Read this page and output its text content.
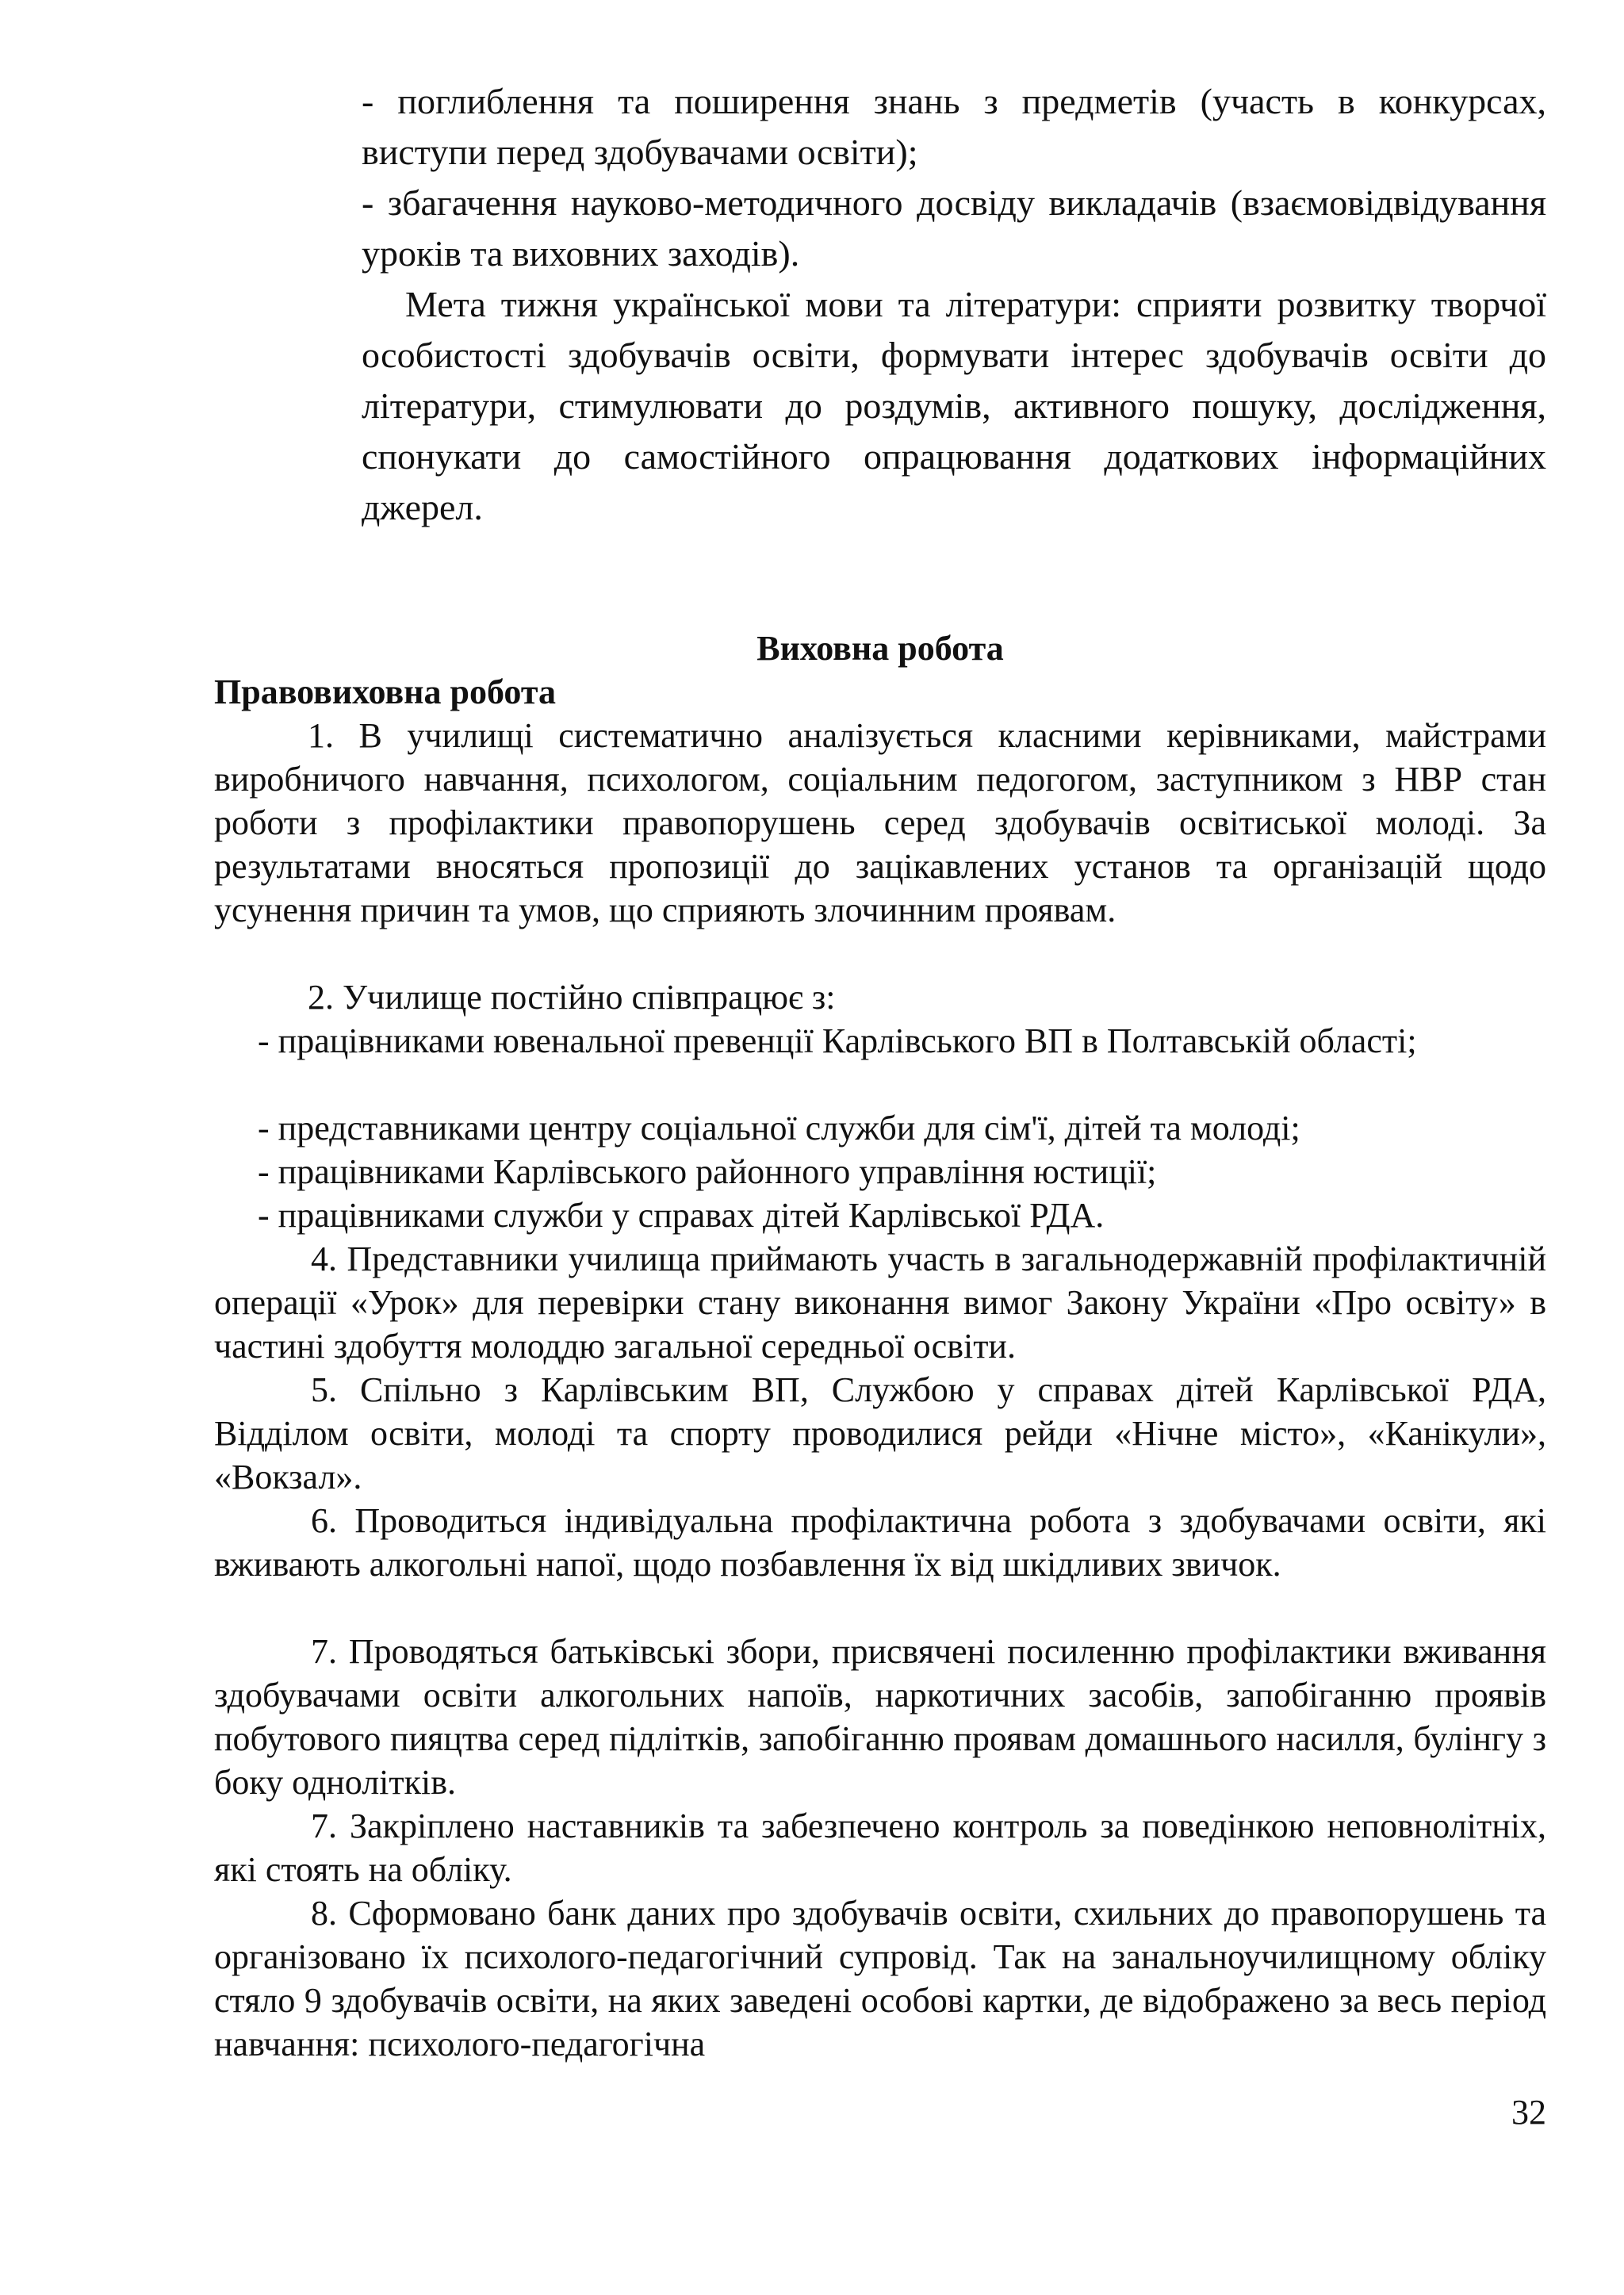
- поглиблення та поширення знань з предметів (участь в конкурсах, виступи перед здобувачами освіти);

- збагачення науково-методичного досвіду викладачів (взаємовідвідування уроків та виховних заходів).

Мета тижня української мови та літератури: сприяти розвитку творчої особистості здобувачів освіти, формувати інтерес здобувачів освіти до літератури, стимулювати до роздумів, активного пошуку, дослідження, спонукати до самостійного опрацювання додаткових інформаційних джерел.

Виховна робота

Правовиховна робота

1. В училищі систематично аналізується класними керівниками, майстрами виробничого навчання, психологом, соціальним педогогом, заступником з НВР стан роботи з профілактики правопорушень серед здобувачів освітиської молоді. За результатами вносяться пропозиції до зацікавлених установ та організацій щодо усунення причин та умов, що сприяють злочинним проявам.

2. Училище постійно співпрацює з:

- працівниками ювенальної превенції Карлівського ВП в Полтавській області;

- представниками центру соціальної служби для сім'ї, дітей та молоді;

- працівниками Карлівського районного управління юстиції;

- працівниками служби у справах дітей Карлівської РДА.

4. Представники училища приймають участь в загальнодержавній профілактичній операції «Урок» для перевірки стану виконання вимог Закону України «Про освіту» в частині здобуття молоддю загальної середньої освіти.

5. Спільно з Карлівським ВП, Службою у справах дітей Карлівської РДА, Відділом освіти, молоді та спорту проводилися рейди «Нічне місто», «Канікули», «Вокзал».

6. Проводиться індивідуальна профілактична робота з здобувачами освіти, які вживають алкогольні напої, щодо позбавлення їх від шкідливих звичок.

7. Проводяться батьківські збори, присвячені посиленню профілактики вживання здобувачами освіти алкогольних напоїв, наркотичних засобів, запобіганню проявів побутового пияцтва серед підлітків, запобіганню проявам домашнього насилля, булінгу з боку однолітків.

7. Закріплено наставників та забезпечено контроль за поведінкою неповнолітніх, які стоять на обліку.

8. Сформовано банк даних про здобувачів освіти, схильних до правопорушень та організовано їх психолого-педагогічний супровід. Так на занальноучилищному обліку стяло 9 здобувачів освіти, на яких заведені особові картки, де відображено за весь період навчання: психолого-педагогічна

32
